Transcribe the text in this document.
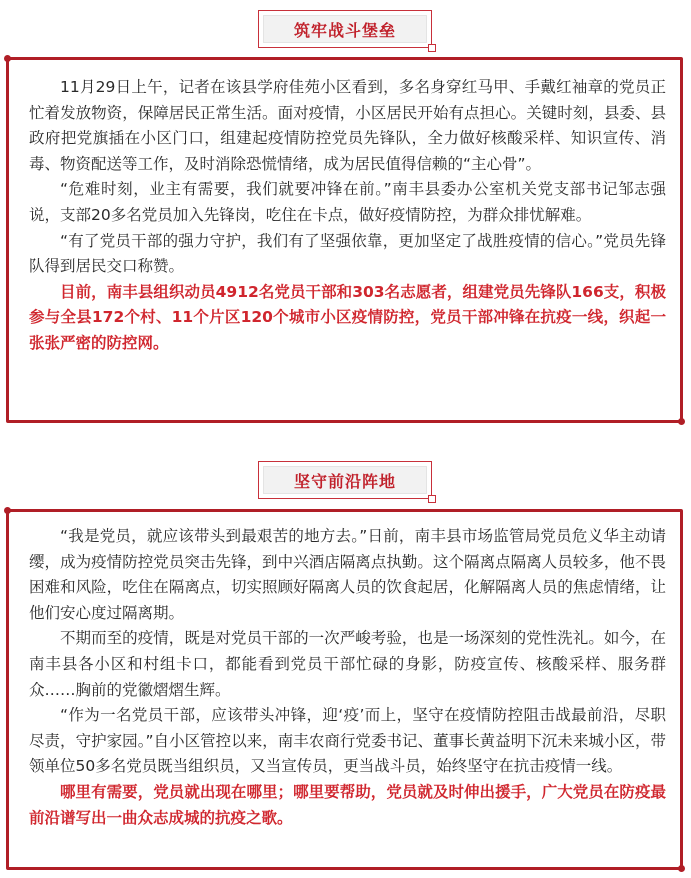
筑牢战斗堡垒

11月29日上午，记者在该县学府佳苑小区看到，多名身穿红马甲、手戴红袖章的党员正忙着发放物资，保障居民正常生活。面对疫情，小区居民开始有点担心。关键时刻，县委、县政府把党旗插在小区门口，组建起疫情防控党员先锋队，全力做好核酸采样、知识宣传、消毒、物资配送等工作，及时消除恐慌情绪，成为居民值得信赖的“主心骨”。

“危难时刻，业主有需要，我们就要冲锋在前。”南丰县委办公室机关党支部书记邹志强说，支部20多名党员加入先锋岗，吃住在卡点，做好疫情防控，为群众排忧解难。

“有了党员干部的强力守护，我们有了坚强依靠，更加坚定了战胜疫情的信心。”党员先锋队得到居民交口称赞。

目前，南丰县组织动员4912名党员干部和303名志愿者，组建党员先锋队166支，积极参与全县172个村、11个片区120个城市小区疫情防控，党员干部冲锋在抗疫一线，织起一张张严密的防控网。

坚守前沿阵地

“我是党员，就应该带头到最艰苦的地方去。”日前，南丰县市场监管局党员危义华主动请缨，成为疫情防控党员突击先锋，到中兴酒店隔离点执勤。这个隔离点隔离人员较多，他不畏困难和风险，吃住在隔离点，切实照顾好隔离人员的饮食起居，化解隔离人员的焦虑情绪，让他们安心度过隔离期。

不期而至的疫情，既是对党员干部的一次严峻考验，也是一场深刻的党性洗礼。如今，在南丰县各小区和村组卡口，都能看到党员干部忙碌的身影，防疫宣传、核酸采样、服务群众……胸前的党徽熠熠生辉。

“作为一名党员干部，应该带头冲锋，迎‘疫’而上，坚守在疫情防控阻击战最前沿，尽职尽责，守护家园。”自小区管控以来，南丰农商行党委书记、董事长黄益明下沉未来城小区，带领单位50多名党员既当组织员，又当宣传员，更当战斗员，始终坚守在抗击疫情一线。

哪里有需要，党员就出现在哪里；哪里要帮助，党员就及时伸出援手，广大党员在防疫最前沿谱写出一曲众志成城的抗疫之歌。
